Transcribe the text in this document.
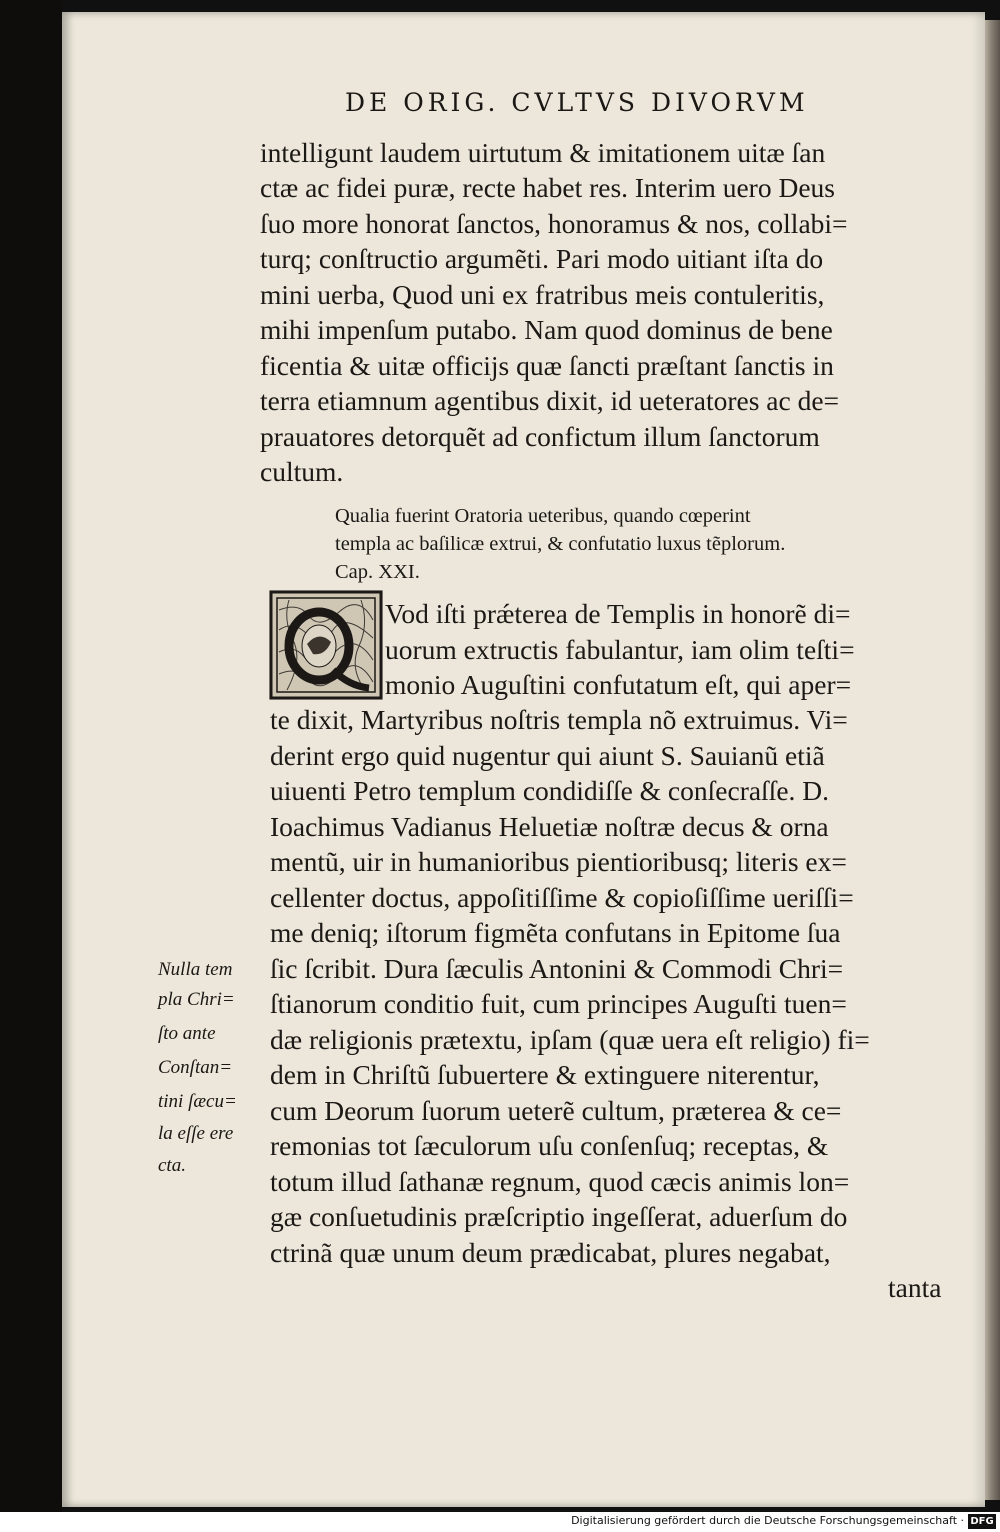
DE ORIG. CVLTVS DIVORVM
intelligunt laudem uirtutum & imitationem uitæ ſan
ctæ ac fidei puræ, recte habet res. Interim uero Deus
ſuo more honorat ſanctos, honoramus & nos, collabi=
turq; conſtructio argumẽti. Pari modo uitiant iſta do
mini uerba, Quod uni ex fratribus meis contuleritis,
mihi impenſum putabo. Nam quod dominus de bene
ficentia & uitæ officijs quæ ſancti præſtant ſanctis in
terra etiamnum agentibus dixit, id ueteratores ac de=
prauatores detorquẽt ad confictum illum ſanctorum
cultum.
Qualia fuerint Oratoria ueteribus, quando cœperint
templa ac baſilicæ extrui, & confutatio luxus tẽplorum.
Cap. XXI.
Vod iſti prǽterea de Templis in honorẽ di=
uorum extructis fabulantur, iam olim teſti=
monio Auguſtini confutatum eſt, qui aper=
te dixit, Martyribus noſtris templa nõ extruimus. Vi=
derint ergo quid nugentur qui aiunt S. Sauianũ etiã
uiuenti Petro templum condidiſſe & conſecraſſe. D.
Ioachimus Vadianus Heluetiæ noſtræ decus & orna
mentũ, uir in humanioribus pientioribusq; literis ex=
cellenter doctus, appoſitiſſime & copioſiſſime ueriſſi=
me deniq; iſtorum figmẽta confutans in Epitome ſua
ſic ſcribit. Dura ſæculis Antonini & Commodi Chri=
ſtianorum conditio fuit, cum principes Auguſti tuen=
dæ religionis prætextu, ipſam (quæ uera eſt religio) fi=
dem in Chriſtũ ſubuertere & extinguere niterentur,
cum Deorum ſuorum ueterẽ cultum, præterea & ce=
remonias tot ſæculorum uſu conſenſuq; receptas, &
totum illud ſathanæ regnum, quod cæcis animis lon=
gæ conſuetudinis præſcriptio ingeſſerat, aduerſum do
ctrinã quæ unum deum prædicabat, plures negabat,
tanta
Nulla tem
pla Chri=
ſto ante
Conſtan=
tini ſæcu=
la eſſe ere
cta.
Digitalisierung gefördert durch die Deutsche Forschungsgemeinschaft · DFG
